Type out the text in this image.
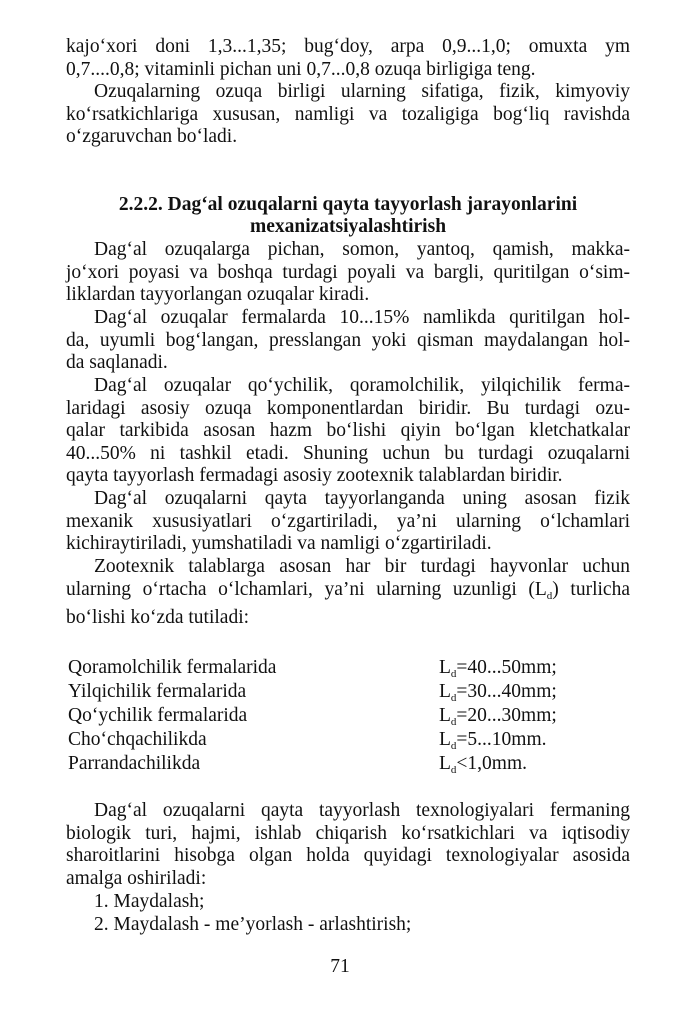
kajo‘xori doni 1,3...1,35; bug‘doy, arpa 0,9...1,0; omuxta ym

0,7....0,8; vitaminli pichan uni 0,7...0,8 ozuqa birligiga teng.

Ozuqalarning ozuqa birligi ularning sifatiga, fizik, kimyoviy

ko‘rsatkichlariga xususan, namligi va tozaligiga bog‘liq ravishda

o‘zgaruvchan bo‘ladi.

2.2.2. Dag‘al ozuqalarni qayta tayyorlash jarayonlarini

mexanizatsiyalashtirish

Dag‘al ozuqalarga pichan, somon, yantoq, qamish, makka-

jo‘xori poyasi va boshqa turdagi poyali va bargli, quritilgan o‘sim-

liklardan tayyorlangan ozuqalar kiradi.

Dag‘al ozuqalar fermalarda 10...15% namlikda quritilgan hol-

da, uyumli bog‘langan, presslangan yoki qisman maydalangan hol-

da saqlanadi.

Dag‘al ozuqalar qo‘ychilik, qoramolchilik, yilqichilik ferma-

laridagi asosiy ozuqa komponentlardan biridir. Bu turdagi ozu-

qalar tarkibida asosan hazm bo‘lishi qiyin bo‘lgan kletchatkalar

40...50% ni tashkil etadi. Shuning uchun bu turdagi ozuqalarni

qayta tayyorlash fermadagi asosiy zootexnik talablardan biridir.

Dag‘al ozuqalarni qayta tayyorlanganda uning asosan fizik

mexanik xususiyatlari o‘zgartiriladi, ya’ni ularning o‘lchamlari

kichiraytiriladi, yumshatiladi va namligi o‘zgartiriladi.

Zootexnik talablarga asosan har bir turdagi hayvonlar uchun

ularning o‘rtacha o‘lchamlari, ya’ni ularning uzunligi $(L_d)$ turlicha

bo‘lishi ko‘zda tutiladi:

Qoramolchilik fermalarida	$L_d=40...50mm$;
Yilqichilik fermalarida	$L_d=30...40mm$;
Qo‘ychilik fermalarida	$L_d=20...30mm$;
Cho‘chqachilikda	$L_d=5...10mm$.
Parrandachilikda	$L_d<1,0mm$.

Dag‘al ozuqalarni qayta tayyorlash texnologiyalari fermaning

biologik turi, hajmi, ishlab chiqarish ko‘rsatkichlari va iqtisodiy

sharoitlarini hisobga olgan holda quyidagi texnologiyalar asosida

amalga oshiriladi:

1. Maydalash;

2. Maydalash - me’yorlash - arlashtirish;

71
